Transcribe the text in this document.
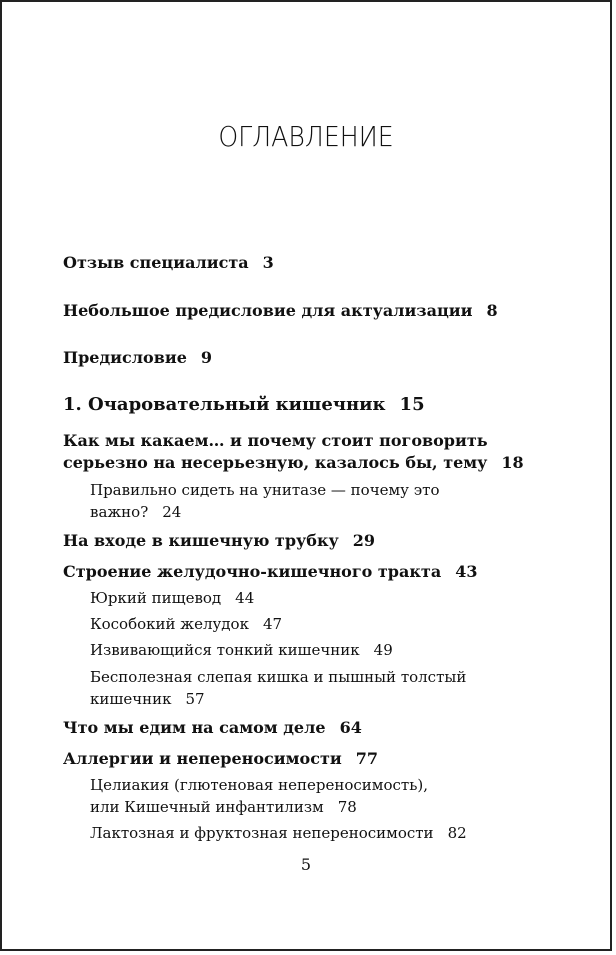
ОГЛАВЛЕНИЕ
Отзыв специалиста 3
Небольшое предисловие для актуализации 8
Предисловие 9
1. Очаровательный кишечник 15
Как мы какаем… и почему стоит поговорить
серьезно на несерьезную, казалось бы, тему 18
Правильно сидеть на унитазе — почему это
важно? 24
На входе в кишечную трубку 29
Строение желудочно-кишечного тракта 43
Юркий пищевод 44
Кособокий желудок 47
Извивающийся тонкий кишечник 49
Бесполезная слепая кишка и пышный толстый
кишечник 57
Что мы едим на самом деле 64
Аллергии и непереносимости 77
Целиакия (глютеновая непереносимость),
или Кишечный инфантилизм 78
Лактозная и фруктозная непереносимости 82
5
